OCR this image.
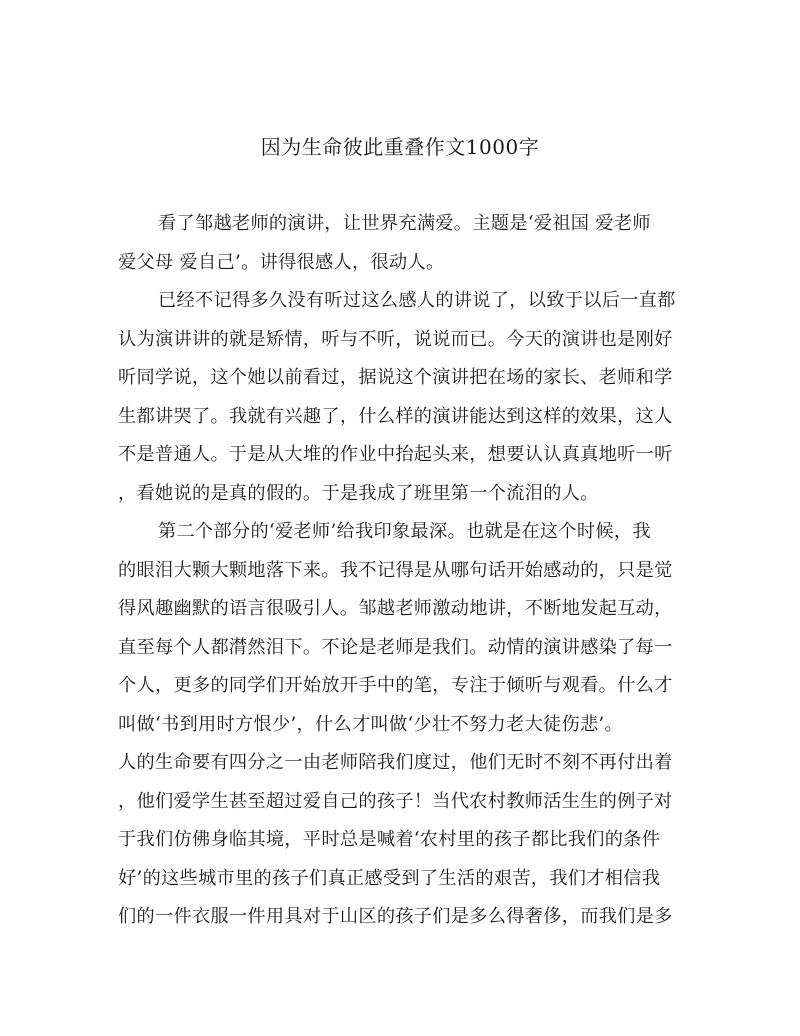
因为生命彼此重叠作文1000字

看了邹越老师的演讲，让世界充满爱。主题是‘爱祖国 爱老师
爱父母 爱自己’。讲得很感人，很动人。

已经不记得多久没有听过这么感人的讲说了，以致于以后一直都
认为演讲讲的就是矫情，听与不听，说说而已。今天的演讲也是刚好
听同学说，这个她以前看过，据说这个演讲把在场的家长、老师和学
生都讲哭了。我就有兴趣了，什么样的演讲能达到这样的效果，这人
不是普通人。于是从大堆的作业中抬起头来，想要认认真真地听一听
，看她说的是真的假的。于是我成了班里第一个流泪的人。

第二个部分的‘爱老师’给我印象最深。也就是在这个时候，我
的眼泪大颗大颗地落下来。我不记得是从哪句话开始感动的，只是觉
得风趣幽默的语言很吸引人。邹越老师激动地讲，不断地发起互动，
直至每个人都潸然泪下。不论是老师是我们。动情的演讲感染了每一
个人，更多的同学们开始放开手中的笔，专注于倾听与观看。什么才
叫做‘书到用时方恨少’，什么才叫做‘少壮不努力老大徒伤悲’。
人的生命要有四分之一由老师陪我们度过，他们无时不刻不再付出着
，他们爱学生甚至超过爱自己的孩子！当代农村教师活生生的例子对
于我们仿佛身临其境，平时总是喊着‘农村里的孩子都比我们的条件
好’的这些城市里的孩子们真正感受到了生活的艰苦，我们才相信我
们的一件衣服一件用具对于山区的孩子们是多么得奢侈，而我们是多
